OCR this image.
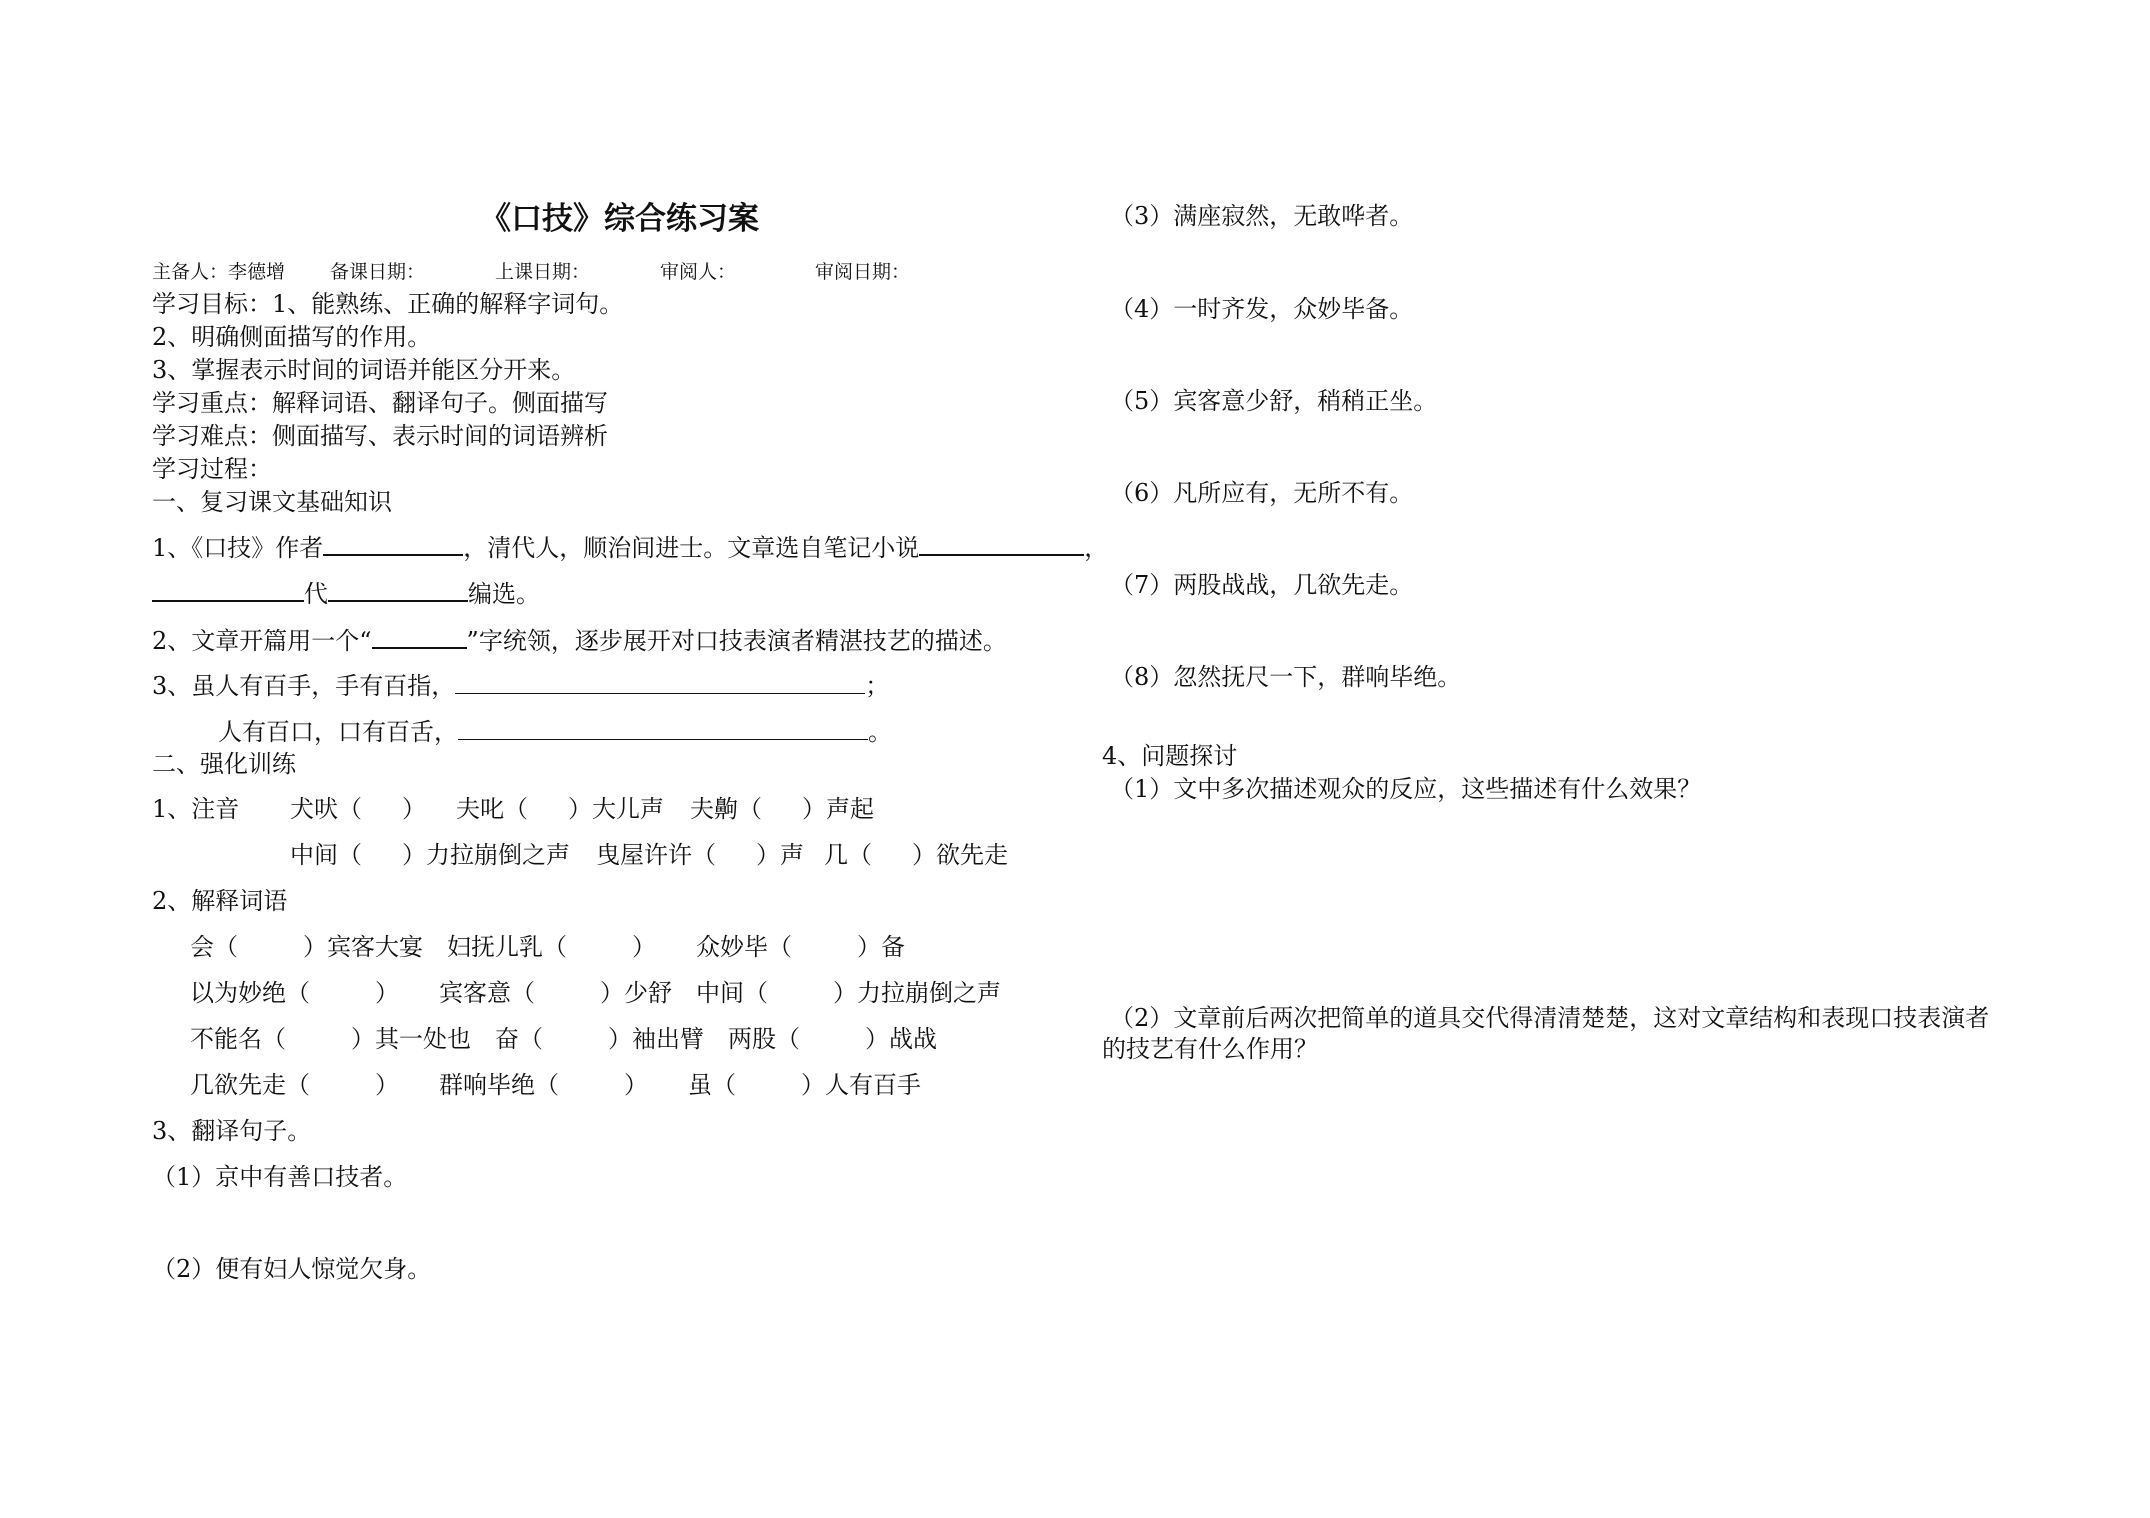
《口技》综合练习案
主备人：李德增 备课日期：	上课日期：	审阅人：	审阅日期：
学习目标：1、能熟练、正确的解释字词句。
2、明确侧面描写的作用。
3、掌握表示时间的词语并能区分开来。
学习重点：解释词语、翻译句子。侧面描写
学习难点：侧面描写、表示时间的词语辨析
学习过程：
一、复习课文基础知识
1、《口技》作者	，清代人，顺治间进士。文章选自笔记小说	，
代	编选。
2、文章开篇用一个“	”字统领，逐步展开对口技表演者精湛技艺的描述。
3、虽人有百手，手有百指，	；
人有百口，口有百舌，	。
二、强化训练
1、注音 犬吠（ ） 夫叱（ ）大儿声 夫齁（ ）声起
中间（ ）力拉崩倒之声 曳屋许许（ ）声 几（ ）欲先走
2、解释词语
会（	）宾客大宴 妇抚儿乳（	） 众妙毕（	）备
以为妙绝（	） 宾客意（	）少舒 中间（	）力拉崩倒之声
不能名（	）其一处也 奋（	）袖出臂 两股（	）战战
几欲先走（	） 群响毕绝（	） 虽（	）人有百手
3、翻译句子。
（1）京中有善口技者。
（2）便有妇人惊觉欠身。
（3）满座寂然，无敢哗者。
（4）一时齐发，众妙毕备。
（5）宾客意少舒，稍稍正坐。
（6）凡所应有，无所不有。
（7）两股战战，几欲先走。
（8）忽然抚尺一下，群响毕绝。
4、问题探讨
（1）文中多次描述观众的反应，这些描述有什么效果？
（2）文章前后两次把简单的道具交代得清清楚楚，这对文章结构和表现口技表演者
的技艺有什么作用？
